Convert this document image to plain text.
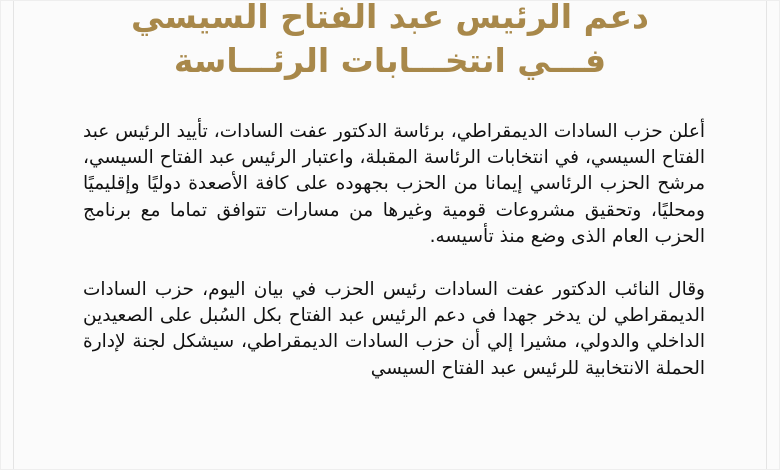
دعم الرئيس عبد الفتاح السيسي
فـــي انتخـــابات الرئـــاسة

أعلن حزب السادات الديمقراطي، برئاسة الدكتور عفت السادات، تأييد الرئيس عبد الفتاح السيسي، في انتخابات الرئاسة المقبلة، واعتبار الرئيس عبد الفتاح السيسي، مرشح الحزب الرئاسي إيمانا من الحزب بجهوده على كافة الأصعدة دوليًا وإقليميًا ومحليًا، وتحقيق مشروعات قومية وغيرها من مسارات تتوافق تماما مع برنامج الحزب العام الذى وضع منذ تأسيسه.

وقال النائب الدكتور عفت السادات رئيس الحزب في بيان اليوم، حزب السادات الديمقراطي لن يدخر جهدا فى دعم الرئيس عبد الفتاح بكل السُبل على الصعيدين الداخلي والدولي، مشيرا إلي أن حزب السادات الديمقراطي، سيشكل لجنة لإدارة الحملة الانتخابية للرئيس عبد الفتاح السيسي
